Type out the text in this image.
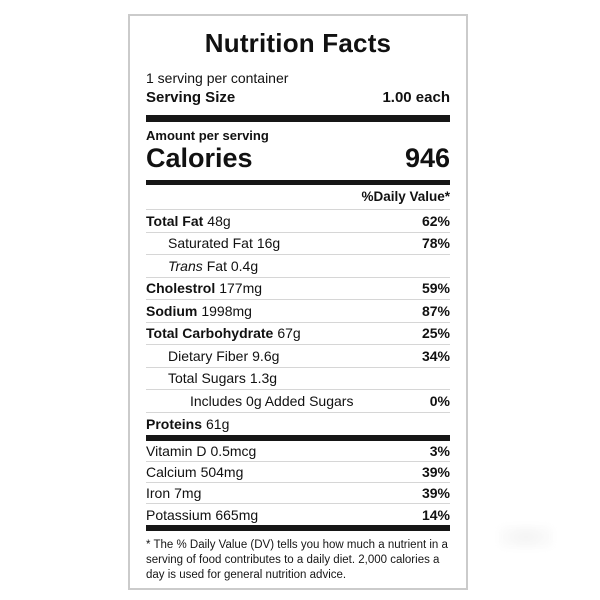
Nutrition Facts
1 serving per container
Serving Size	1.00 each
Amount per serving
Calories	946
%Daily Value*
Total Fat 48g	62%
Saturated Fat 16g	78%
Trans Fat 0.4g
Cholestrol 177mg	59%
Sodium 1998mg	87%
Total Carbohydrate 67g	25%
Dietary Fiber 9.6g	34%
Total Sugars 1.3g
Includes 0g Added Sugars	0%
Proteins 61g
Vitamin D 0.5mcg	3%
Calcium 504mg	39%
Iron 7mg	39%
Potassium 665mg	14%
* The % Daily Value (DV) tells you how much a nutrient in a serving of food contributes to a daily diet. 2,000 calories a day is used for general nutrition advice.
